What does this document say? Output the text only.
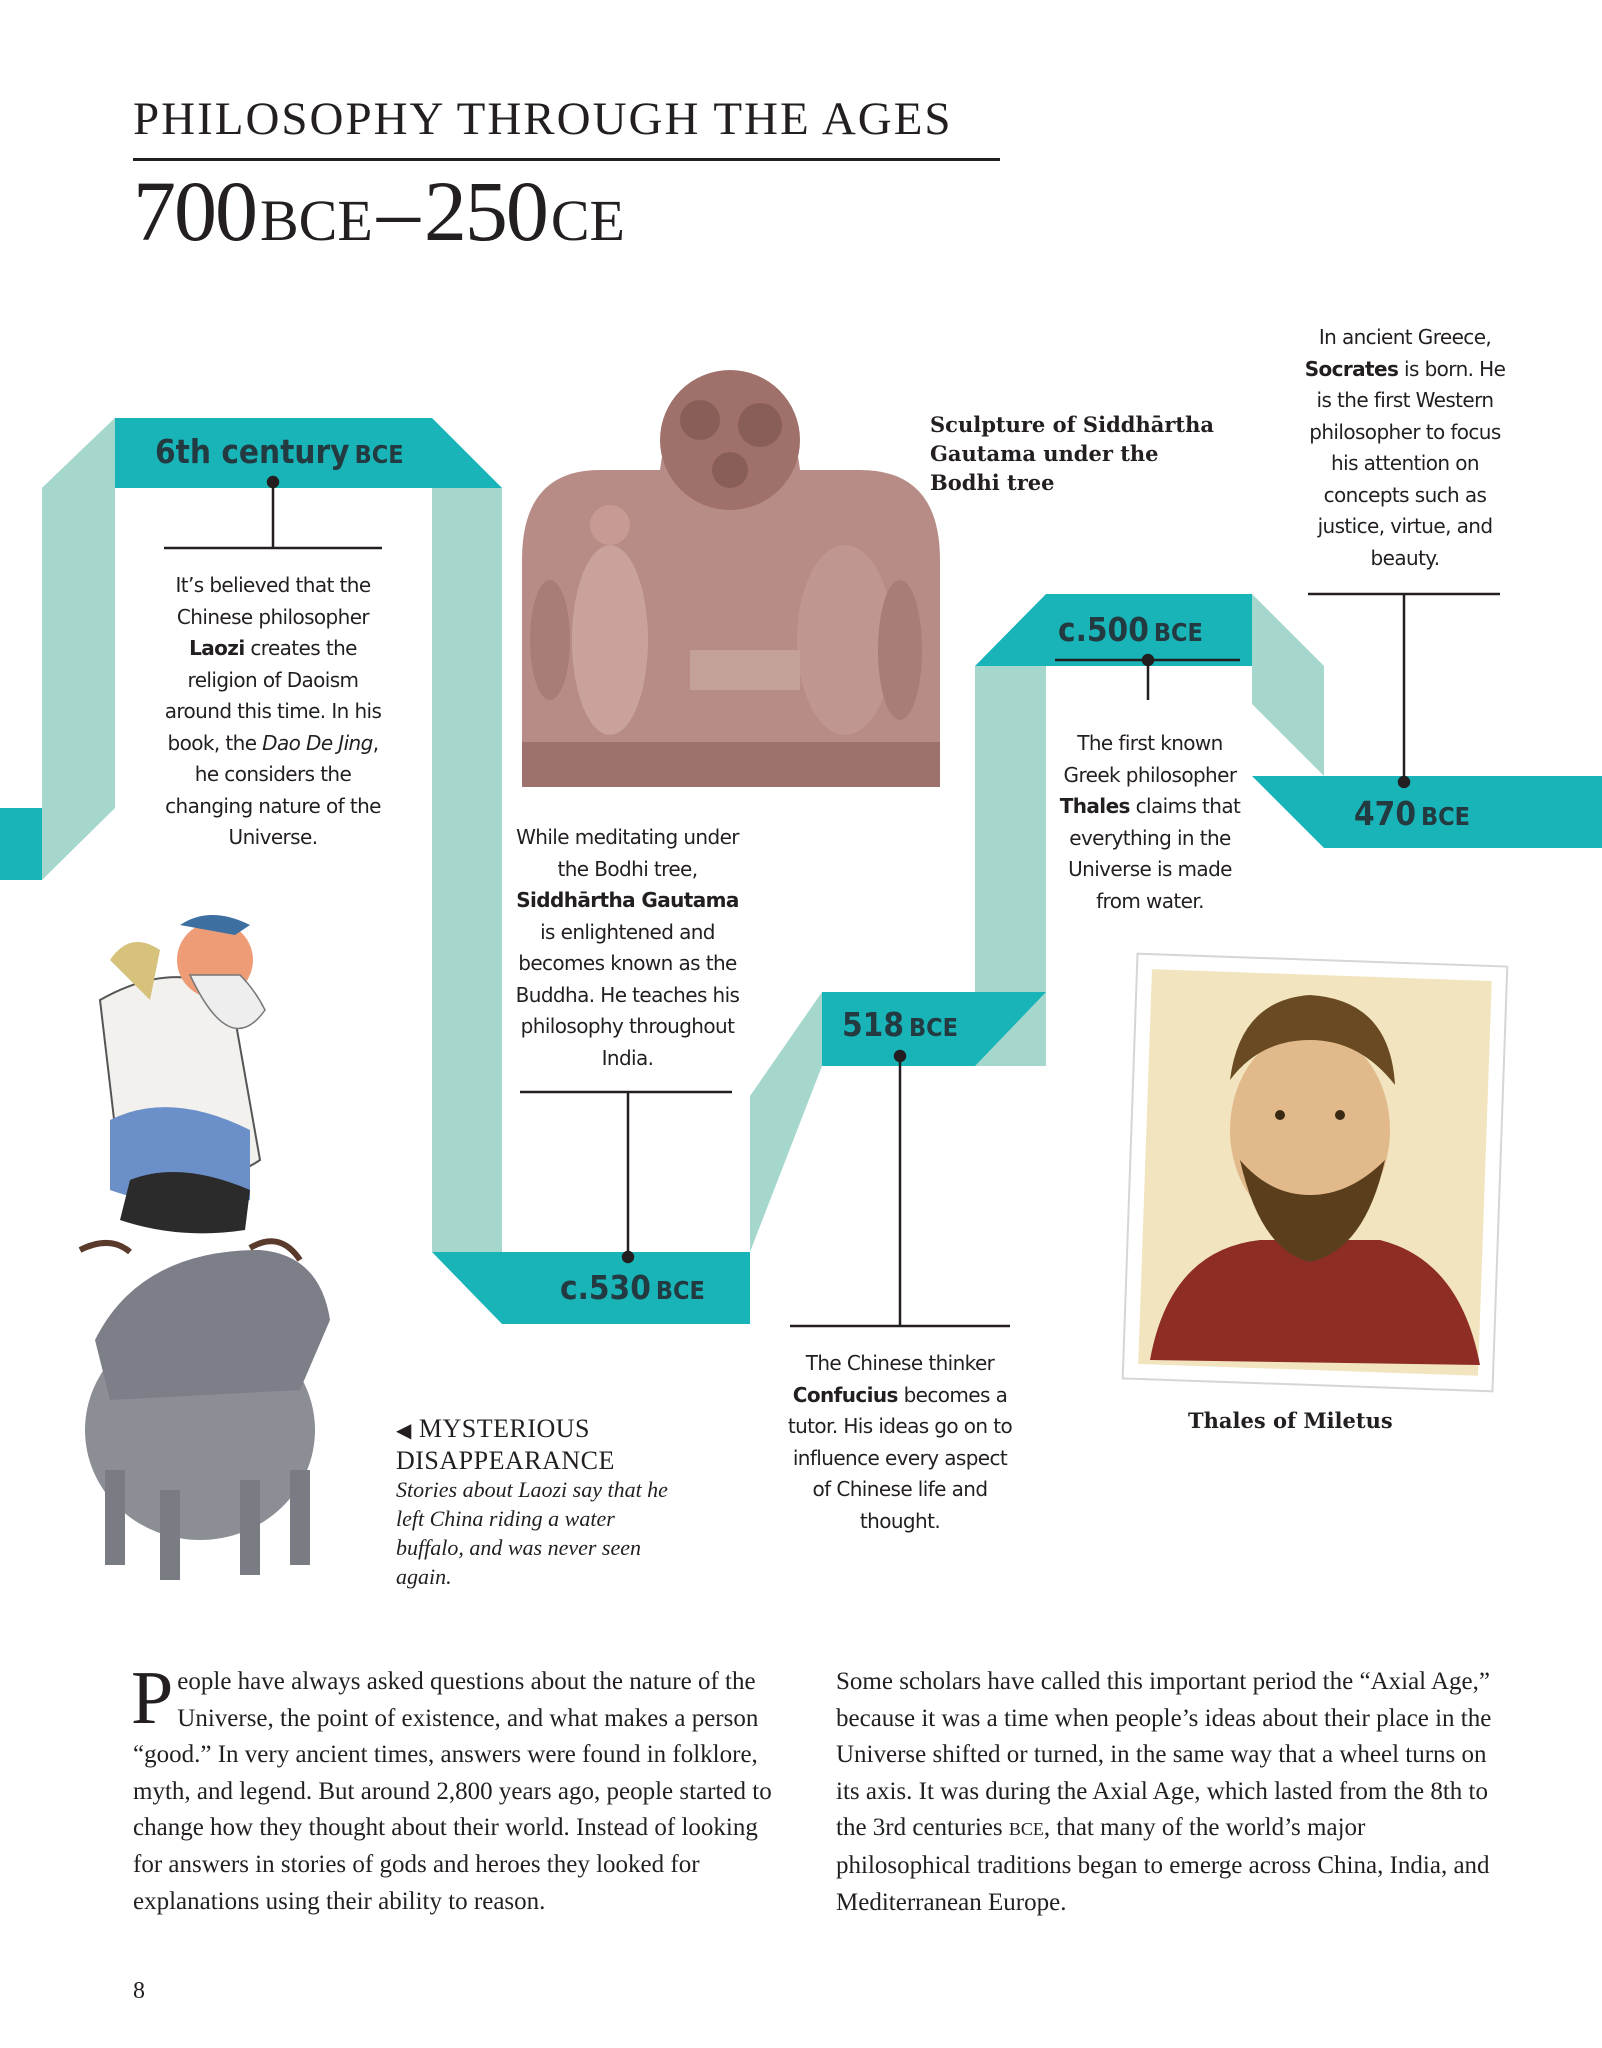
PHILOSOPHY THROUGH THE AGES
700 BCE–250 CE
6th century BCE
c.530 BCE
518 BCE
c.500 BCE
470 BCE
It’s believed that the Chinese philosopher Laozi creates the religion of Daoism around this time. In his book, the Dao De Jing, he considers the changing nature of the Universe.	While meditating under the Bodhi tree, Siddhārtha Gautama is enlightened and becomes known as the Buddha. He teaches his philosophy throughout India.
The Chinese thinker Confucius becomes a tutor. His ideas go on to influence every aspect of Chinese life and thought.
The first known Greek philosopher Thales claims that everything in the Universe is made from water.
In ancient Greece, Socrates is born. He is the first Western philosopher to focus his attention on concepts such as justice, virtue, and beauty.
Sculpture of Siddhārtha Gautama under the Bodhi tree
Thales of Miletus
◀ MYSTERIOUS DISAPPEARANCE
Stories about Laozi say that he left China riding a water buffalo, and was never seen again.
People have always asked questions about the nature of the Universe, the point of existence, and what makes a person “good.” In very ancient times, answers were found in folklore, myth, and legend. But around 2,800 years ago, people started to change how they thought about their world. Instead of looking for answers in stories of gods and heroes they looked for explanations using their ability to reason.
Some scholars have called this important period the “Axial Age,” because it was a time when people’s ideas about their place in the Universe shifted or turned, in the same way that a wheel turns on its axis. It was during the Axial Age, which lasted from the 8th to the 3rd centuries BCE, that many of the world’s major philosophical traditions began to emerge across China, India, and Mediterranean Europe.
8
